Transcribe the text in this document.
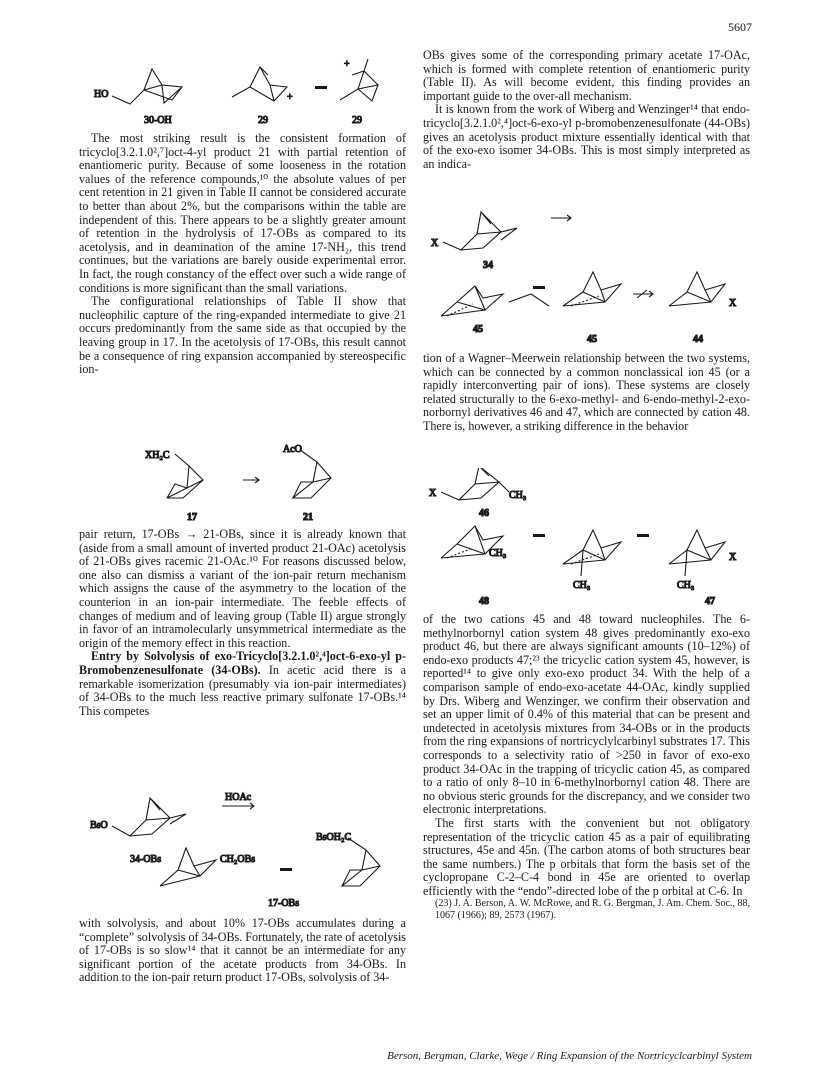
5607
HO	+
+
30-OH	29	29

The most striking result is the consistent formation of tricyclo[3.2.1.0²,⁷]oct-4-yl product 21 with partial retention of enantiomeric purity. Because of some looseness in the rotation values of the reference compounds,¹⁰ the absolute values of per cent retention in 21 given in Table II cannot be considered accurate to better than about 2%, but the comparisons within the table are independent of this. There appears to be a slightly greater amount of retention in the hydrolysis of 17-OBs as compared to its acetolysis, and in deamination of the amine 17-NH₂, this trend continues, but the variations are barely ouside experimental error. In fact, the rough constancy of the effect over such a wide range of conditions is more significant than the small variations.

The configurational relationships of Table II show that nucleophilic capture of the ring-expanded intermediate to give 21 occurs predominantly from the same side as that occupied by the leaving group in 17. In the acetolysis of 17-OBs, this result cannot be a consequence of ring expansion accompanied by stereospecific ion-

XH₂C
AcO
17	21

pair return, 17-OBs → 21-OBs, since it is already known that (aside from a small amount of inverted product 21-OAc) acetolysis of 21-OBs gives racemic 21-OAc.¹⁰ For reasons discussed below, one also can dismiss a variant of the ion-pair return mechanism which assigns the cause of the asymmetry to the location of the counterion in an ion-pair intermediate. The feeble effects of changes of medium and of leaving group (Table II) argue strongly in favor of an intramolecularly unsymmetrical intermediate as the origin of the memory effect in this reaction.

Entry by Solvolysis of exo-Tricyclo[3.2.1.0²,⁴]oct-6-exo-yl p-Bromobenzenesulfonate (34-OBs). In acetic acid there is a remarkable isomerization (presumably via ion-pair intermediates) of 34-OBs to the much less reactive primary sulfonate 17-OBs.¹⁴ This competes

BsO
HOAc
34-OBs	CH₂OBs
BsOH₂C
17-OBs

with solvolysis, and about 10% 17-OBs accumulates during a “complete” solvolysis of 34-OBs. Fortunately, the rate of acetolysis of 17-OBs is so slow¹⁴ that it cannot be an intermediate for any significant portion of the acetate products from 34-OBs. In addition to the ion-pair return product 17-OBs, solvolysis of 34-

OBs gives some of the corresponding primary acetate 17-OAc, which is formed with complete retention of enantiomeric purity (Table II). As will become evident, this finding provides an important guide to the over-all mechanism.

It is known from the work of Wiberg and Wenzinger¹⁴ that endo-tricyclo[3.2.1.0²,⁴]oct-6-exo-yl p-bromobenzenesulfonate (44-OBs) gives an acetolysis product mixture essentially identical with that of the exo-exo isomer 34-OBs. This is most simply interpreted as an indica-

X
34
X
45
45	44

tion of a Wagner–Meerwein relationship between the two systems, which can be connected by a common nonclassical ion 45 (or a rapidly interconverting pair of ions). These systems are closely related structurally to the 6-exo-methyl- and 6-endo-methyl-2-exo-norbornyl derivatives 46 and 47, which are connected by cation 48. There is, however, a striking difference in the behavior

X	CH₃
46
CH₃
CH₃
X
CH₃
48	47

of the two cations 45 and 48 toward nucleophiles. The 6-methylnorbornyl cation system 48 gives predominantly exo-exo product 46, but there are always significant amounts (10–12%) of endo-exo products 47;²³ the tricyclic cation system 45, however, is reported¹⁴ to give only exo-exo product 34. With the help of a comparison sample of endo-exo-acetate 44-OAc, kindly supplied by Drs. Wiberg and Wenzinger, we confirm their observation and set an upper limit of 0.4% of this material that can be present and undetected in acetolysis mixtures from 34-OBs or in the products from the ring expansions of nortricyclylcarbinyl substrates 17. This corresponds to a selectivity ratio of >250 in favor of exo-exo product 34-OAc in the trapping of tricyclic cation 45, as compared to a ratio of only 8–10 in 6-methylnorbornyl cation 48. There are no obvious steric grounds for the discrepancy, and we consider two electronic interpretations.

The first starts with the convenient but not obligatory representation of the tricyclic cation 45 as a pair of equilibrating structures, 45e and 45n. (The carbon atoms of both structures bear the same numbers.) The p orbitals that form the basis set of the cyclopropane C-2–C-4 bond in 45e are oriented to overlap efficiently with the “endo”-directed lobe of the p orbital at C-6. In

(23) J. A. Berson, A. W. McRowe, and R. G. Bergman, J. Am. Chem. Soc., 88, 1067 (1966); 89, 2573 (1967).

Berson, Bergman, Clarke, Wege / Ring Expansion of the Nortricyclcarbinyl System
